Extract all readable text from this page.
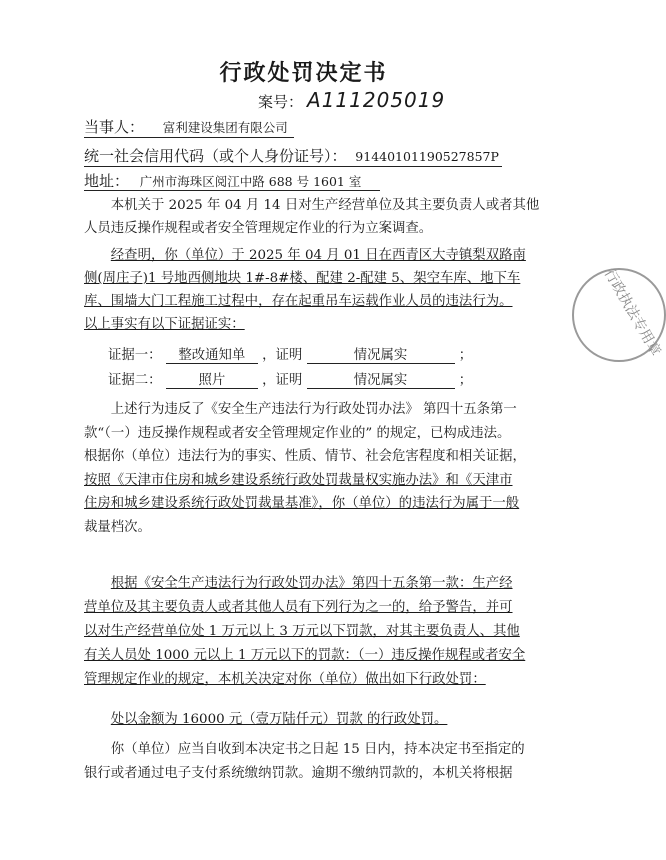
行政处罚决定书
案号： A111205019
当事人： 富利建设集团有限公司
统一社会信用代码（或个人身份证号）： 91440101190527857P
地址： 广州市海珠区阅江中路 688 号 1601 室
本机关于 2025 年 04 月 14 日对生产经营单位及其主要负责人或者其他
人员违反操作规程或者安全管理规定作业的行为立案调查。
经查明，你（单位）于 2025 年 04 月 01 日在西青区大寺镇梨双路南
侧(周庄子)1 号地西侧地块 1#-8#楼、配建 2-配建 5、架空车库、地下车
库、围墙大门工程施工过程中，存在起重吊车运载作业人员的违法行为。
以上事实有以下证据证实：
证据一： 整改通知单 ，证明	情况属实	；
证据二：	照片	，证明	情况属实	；
上述行为违反了《安全生产违法行为行政处罚办法》 第四十五条第一
款“（一）违反操作规程或者安全管理规定作业的” 的规定，已构成违法。
根据你（单位）违法行为的事实、性质、情节、社会危害程度和相关证据，
按照《天津市住房和城乡建设系统行政处罚裁量权实施办法》和《天津市
住房和城乡建设系统行政处罚裁量基准》，你（单位）的违法行为属于一般
裁量档次。
根据《安全生产违法行为行政处罚办法》第四十五条第一款：生产经
营单位及其主要负责人或者其他人员有下列行为之一的，给予警告，并可
以对生产经营单位处 1 万元以上 3 万元以下罚款，对其主要负责人、其他
有关人员处 1000 元以上 1 万元以下的罚款：（一）违反操作规程或者安全
管理规定作业的规定，本机关决定对你（单位）做出如下行政处罚：
处以金额为 16000 元（壹万陆仟元）罚款 的行政处罚。
你（单位）应当自收到本决定书之日起 15 日内，持本决定书至指定的
银行或者通过电子支付系统缴纳罚款。逾期不缴纳罚款的，本机关将根据
行政执法专用章
